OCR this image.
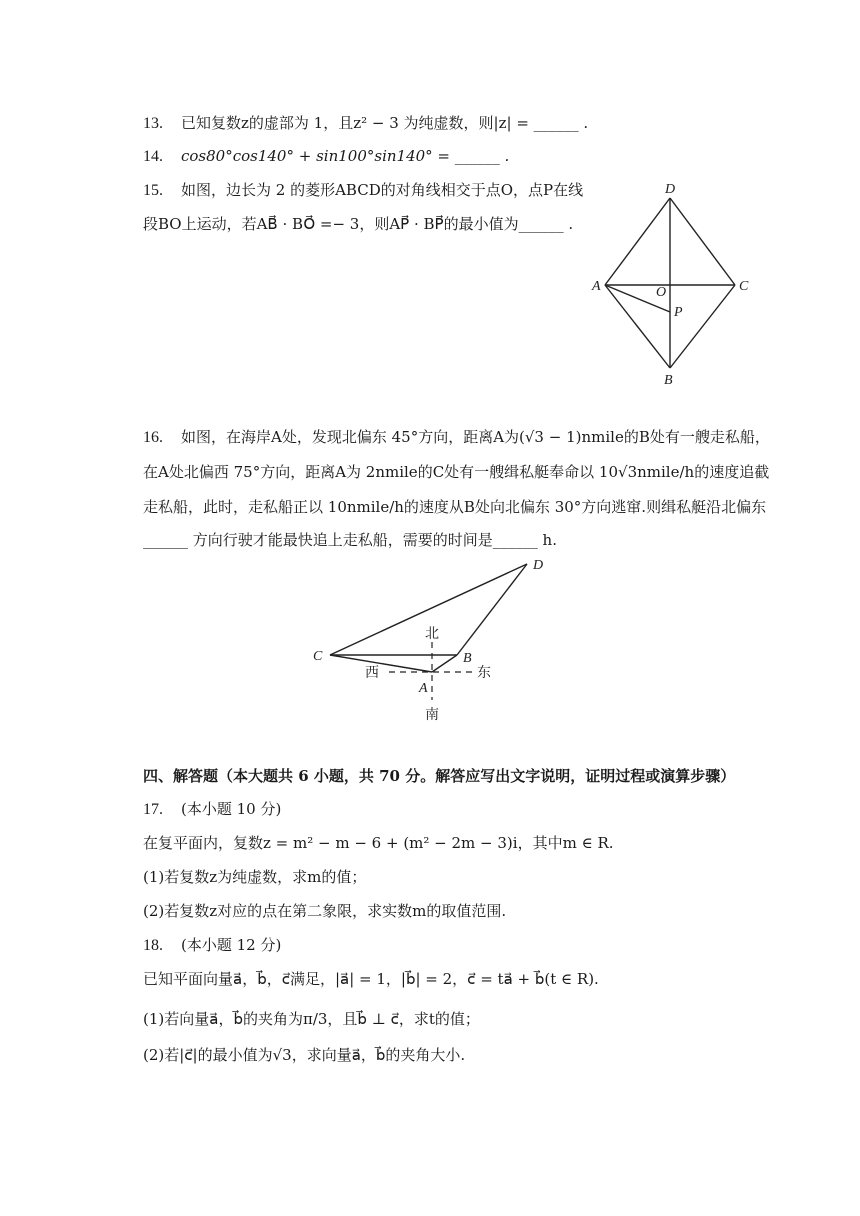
13. 已知复数z的虚部为 1，且z² − 3 为纯虚数，则|z| = ______ .
14. cos80°cos140° + sin100°sin140° = ______ .
15. 如图，边长为 2 的菱形ABCD的对角线相交于点O，点P在线
段BO上运动，若AB⃗ · BO⃗ =− 3，则AP⃗ · BP⃗的最小值为______ .
D
C
B
A	O
P
16. 如图，在海岸A处，发现北偏东 45°方向，距离A为(√3 − 1)nmile的B处有一艘走私船，
在A处北偏西 75°方向，距离A为 2nmile的C处有一艘缉私艇奉命以 10√3nmile/h的速度追截
走私船，此时，走私船正以 10nmile/h的速度从B处向北偏东 30°方向逃窜.则缉私艇沿北偏东
______ 方向行驶才能最快追上走私船，需要的时间是______ h.
D
C	B
A
北
南
东
西
四、解答题（本大题共 6 小题，共 70 分。解答应写出文字说明，证明过程或演算步骤）
17. (本小题 10 分)
在复平面内，复数z = m² − m − 6 + (m² − 2m − 3)i，其中m ∈ R.
(1)若复数z为纯虚数，求m的值；
(2)若复数z对应的点在第二象限，求实数m的取值范围.
18. (本小题 12 分)
已知平面向量a⃗，b⃗，c⃗满足，|a⃗| = 1，|b⃗| = 2，c⃗ = ta⃗ + b⃗(t ∈ R).
(1)若向量a⃗，b⃗的夹角为π/3，且b⃗ ⊥ c⃗，求t的值；
(2)若|c⃗|的最小值为√3，求向量a⃗，b⃗的夹角大小.
